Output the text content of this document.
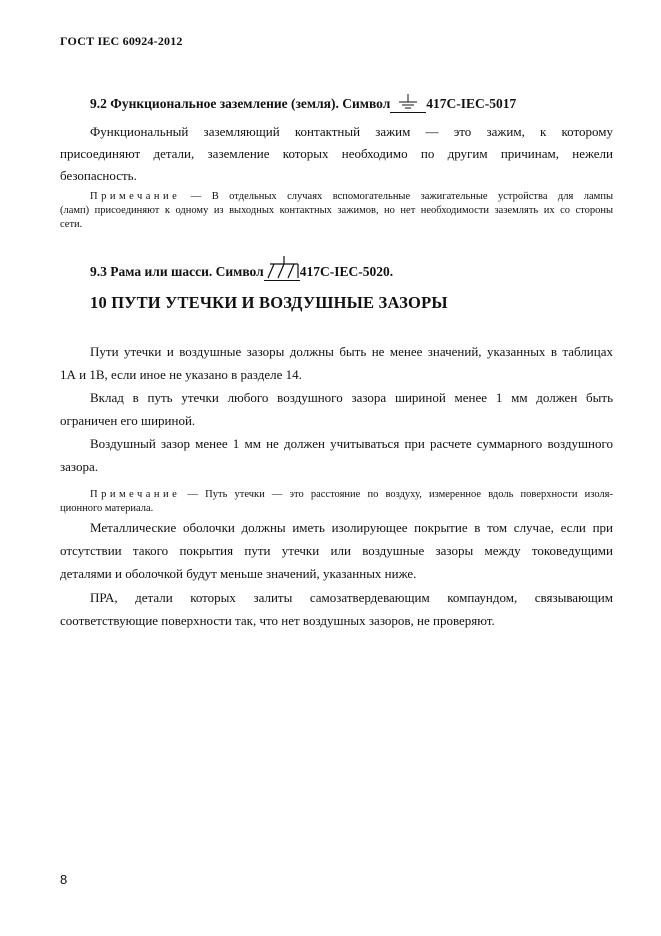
ГОСТ IEC 60924-2012
9.2 Функциональное заземление (земля). Символ	417С-IEC-5017
Функциональный заземляющий контактный зажим — это зажим, к которому
присоединяют детали, заземление которых необходимо по другим причинам, нежели
безопасность.
Примечание — В отдельных случаях вспомогательные зажигательные устройства для лампы
(ламп) присоединяют к одному из выходных контактных зажимов, но нет необходимости заземлять их со стороны
сети.
9.3 Рама или шасси. Символ	417С-IEC-5020.
10 ПУТИ УТЕЧКИ И ВОЗДУШНЫЕ ЗАЗОРЫ
Пути утечки и воздушные зазоры должны быть не менее значений, указанных в таблицах
1А и 1В, если иное не указано в разделе 14.
Вклад в путь утечки любого воздушного зазора шириной менее 1 мм должен быть
ограничен его шириной.
Воздушный зазор менее 1 мм не должен учитываться при расчете суммарного воздушного
зазора.
Примечание — Путь утечки — это расстояние по воздуху, измеренное вдоль поверхности изоля-
ционного материала.
Металлические оболочки должны иметь изолирующее покрытие в том случае, если при
отсутствии такого покрытия пути утечки или воздушные зазоры между токоведущими
деталями и оболочкой будут меньше значений, указанных ниже.
ПРА, детали которых залиты самозатвердевающим компаундом, связывающим
соответствующие поверхности так, что нет воздушных зазоров, не проверяют.
8
